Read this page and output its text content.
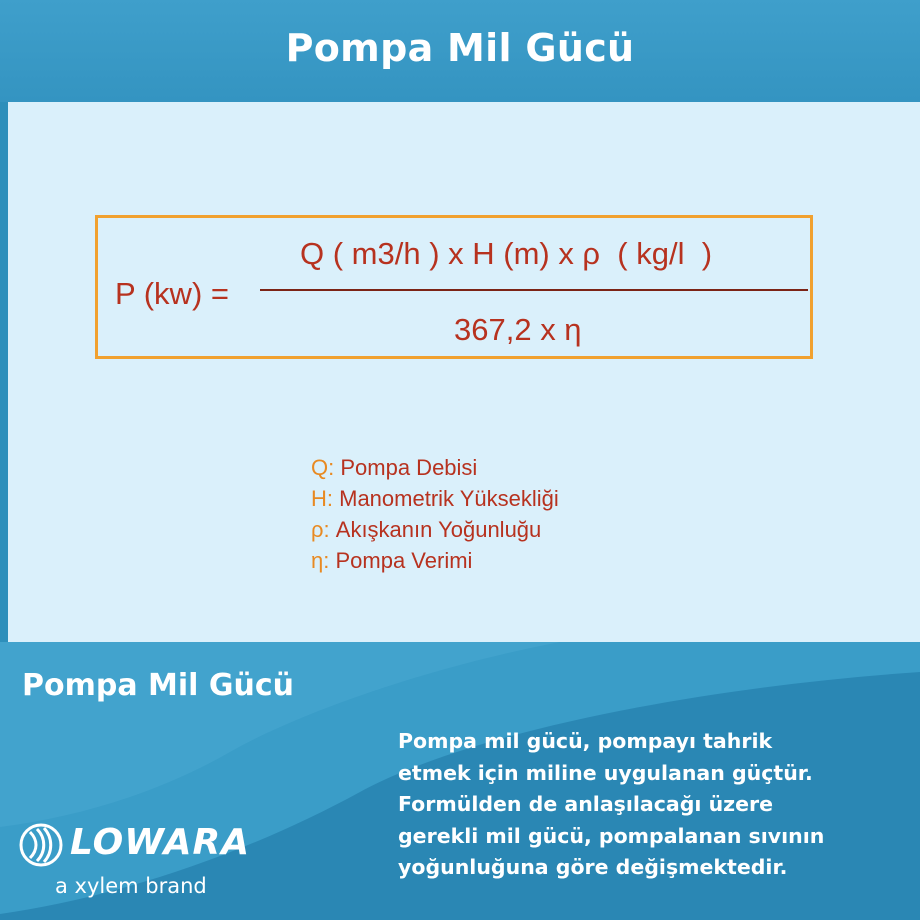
Pompa Mil Gücü
P (kw) =
Q ( m3/h ) x H (m) x ρ  ( kg/l  )
367,2 x η
Q: Pompa Debisi
H: Manometrik Yüksekliği
ρ: Akışkanın Yoğunluğu
η: Pompa Verimi
Pompa Mil Gücü
Pompa mil gücü, pompayı tahrik
etmek için miline uygulanan güçtür.
Formülden de anlaşılacağı üzere
gerekli mil gücü, pompalanan sıvının
yoğunluğuna göre değişmektedir.
LOWARA
a xylem brand
